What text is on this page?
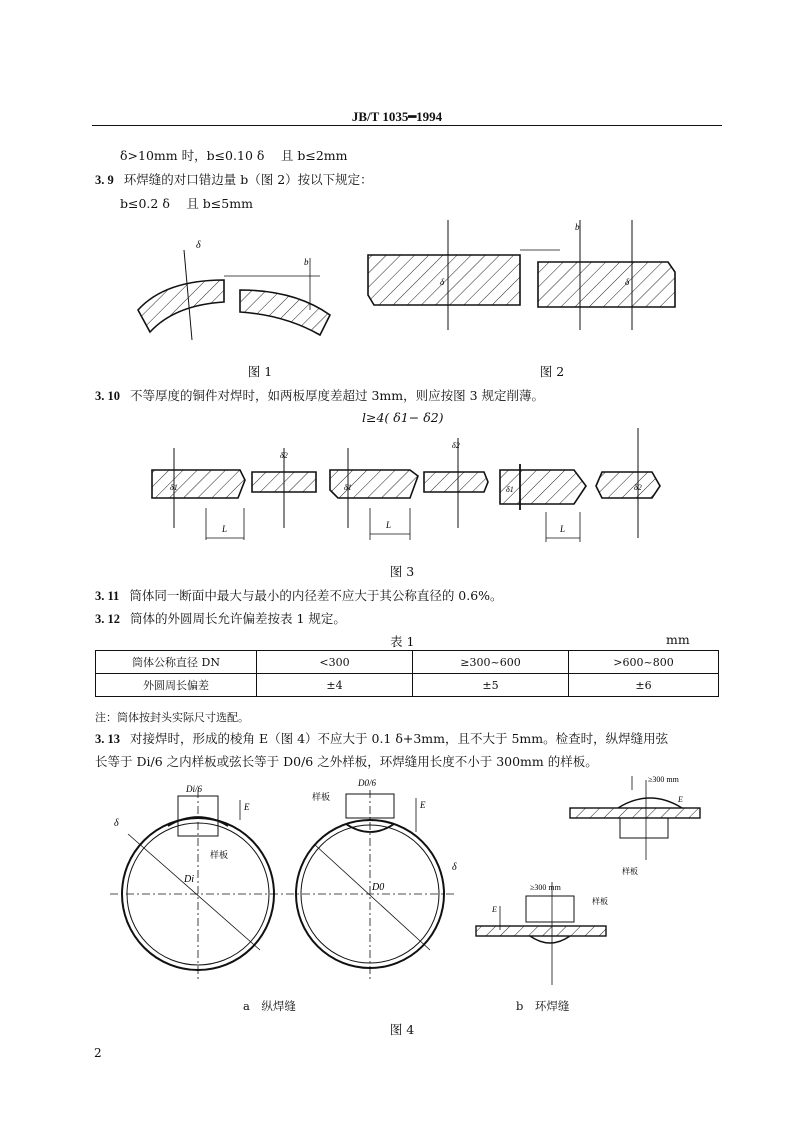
JB/T 1035━1994
δ>10mm 时，b≤0.10 δ　 且 b≤2mm
3. 9 环焊缝的对口错边量 b（图 2）按以下规定：
b≤0.2 δ　 且 b≤5mm
δ
b
b
δ	δ
图 1	图 2
3. 10 不等厚度的铜件对焊时，如两板厚度差超过 3mm，则应按图 3 规定削薄。
l≥4( δ1− δ2)
L
δ1
δ2
L
δ1
δ2
L
δ1	δ2
图 3
3. 11 筒体同一断面中最大与最小的内径差不应大于其公称直径的 0.6%。
3. 12 筒体的外圆周长允许偏差按表 1 规定。
表 1	mm
筒体公称直径 DN	<300	≥300~600	>600~800
外圆周长偏差	±4	±5	±6
注：筒体按封头实际尺寸选配。
3. 13 对接焊时，形成的棱角 E（图 4）不应大于 0.1 δ+3mm，且不大于 5mm。检查时，纵焊缝用弦
长等于 Di/6 之内样板或弦长等于 D0/6 之外样板，环焊缝用长度不小于 300mm 的样板。
Di/6
E
δ
样板
Di
D0/6
样板
E
δ
D0
≥300 mm
样板
E
≥300 mm
样板
E
a　纵焊缝	b　环焊缝
图 4
2
